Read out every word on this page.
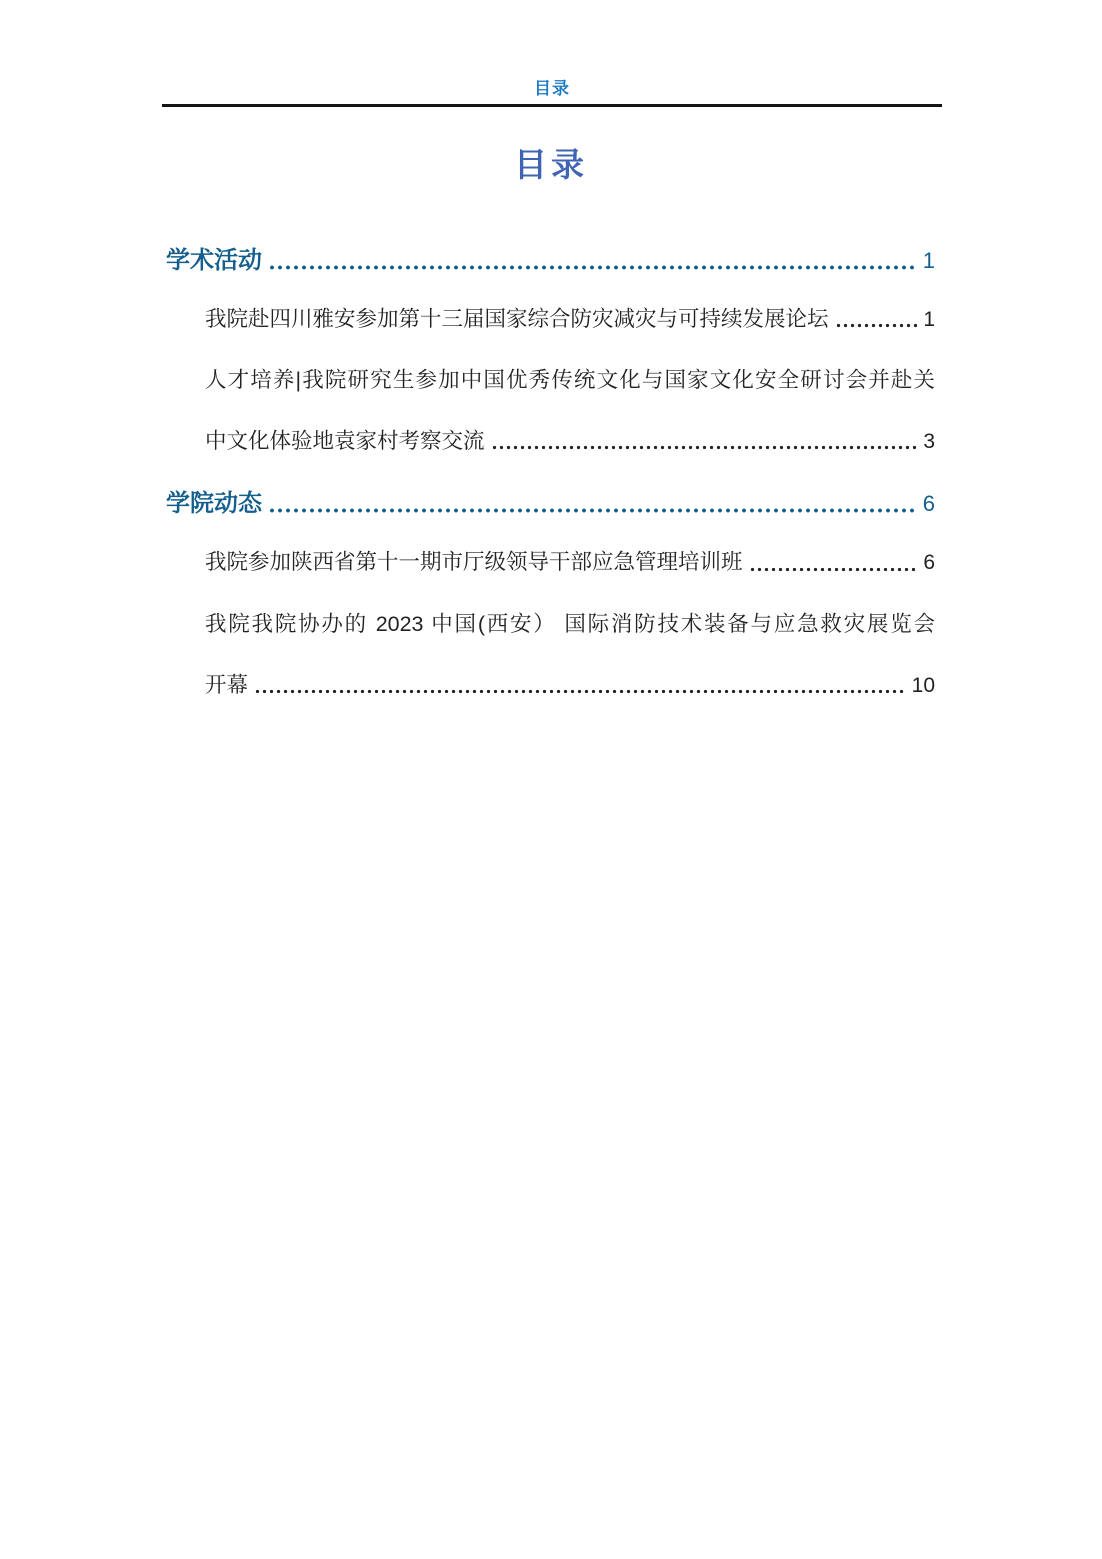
目录
目录
学术活动	1
我院赴四川雅安参加第十三届国家综合防灾减灾与可持续发展论坛	1
人才培养|我院研究生参加中国优秀传统文化与国家文化安全研讨会并赴关
中文化体验地袁家村考察交流	3
学院动态	6
我院参加陕西省第十一期市厅级领导干部应急管理培训班	6
我院我院协办的 2023 中国(西安） 国际消防技术装备与应急救灾展览会
开幕	10
